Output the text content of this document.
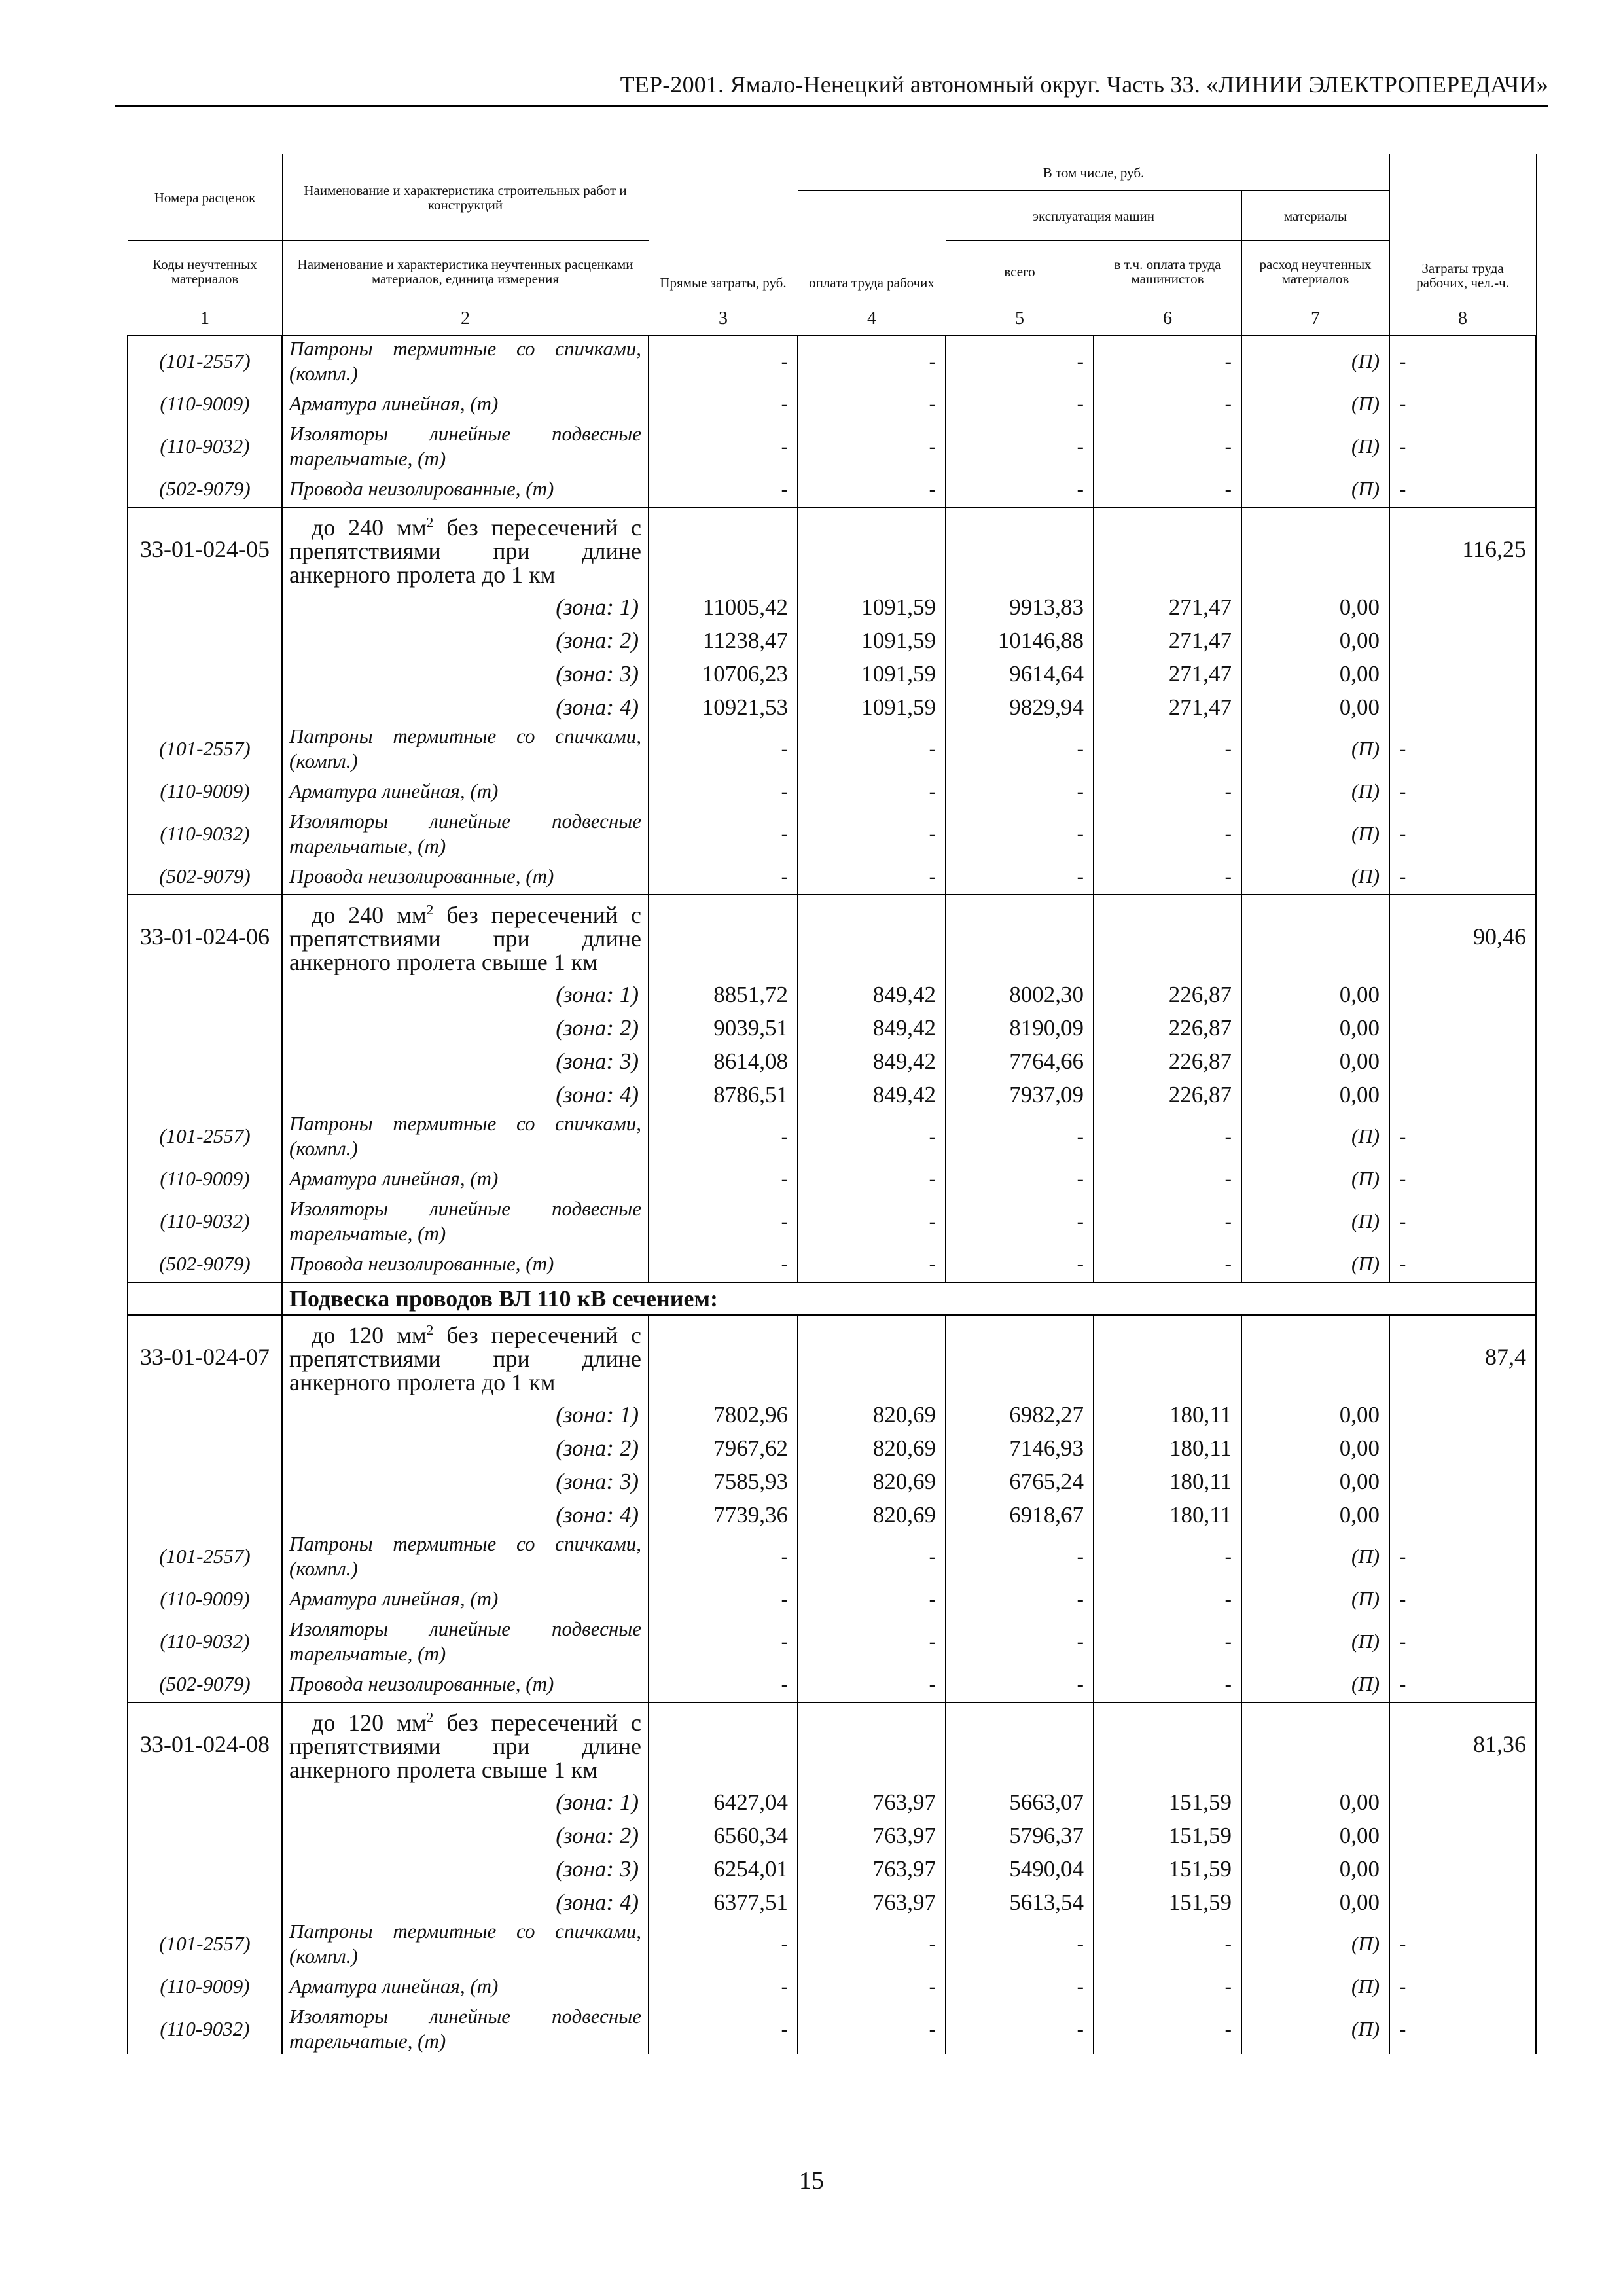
ТЕР-2001. Ямало-Ненецкий автономный округ. Часть 33. «ЛИНИИ ЭЛЕКТРОПЕРЕДАЧИ»
Номера расценок	Наименование и характеристика строительных работ и конструкций	Прямые затраты, руб.	В том числе, руб.				Затраты труда рабочих, чел.-ч.
			оплата труда рабочих	эксплуатация машин		материалы	
Коды неучтенных материалов	Наименование и характеристика неучтенных расценками материалов, единица измерения			всего	в т.ч. оплата труда машинистов	расход неучтенных материалов	
1	2	3	4	5	6	7	8
(101-2557)	Патроны термитные со спичками, (компл.)	-	-	-	-	(П)	-
(110-9009)	Арматура линейная, (т)	-	-	-	-	(П)	-
(110-9032)	Изоляторы линейные подвесные тарельчатые, (т)	-	-	-	-	(П)	-
(502-9079)	Провода неизолированные, (т)	-	-	-	-	(П)	-
33-01-024-05	до 240 $мм^2$ без пересечений с препятствиями при длине анкерного пролета до 1 км						116,25
	(зона: 1)	11005,42	1091,59	9913,83	271,47	0,00	
	(зона: 2)	11238,47	1091,59	10146,88	271,47	0,00	
	(зона: 3)	10706,23	1091,59	9614,64	271,47	0,00	
	(зона: 4)	10921,53	1091,59	9829,94	271,47	0,00	
(101-2557)	Патроны термитные со спичками, (компл.)	-	-	-	-	(П)	-
(110-9009)	Арматура линейная, (т)	-	-	-	-	(П)	-
(110-9032)	Изоляторы линейные подвесные тарельчатые, (т)	-	-	-	-	(П)	-
(502-9079)	Провода неизолированные, (т)	-	-	-	-	(П)	-
33-01-024-06	до 240 $мм^2$ без пересечений с препятствиями при длине анкерного пролета свыше 1 км						90,46
	(зона: 1)	8851,72	849,42	8002,30	226,87	0,00	
	(зона: 2)	9039,51	849,42	8190,09	226,87	0,00	
	(зона: 3)	8614,08	849,42	7764,66	226,87	0,00	
	(зона: 4)	8786,51	849,42	7937,09	226,87	0,00	
(101-2557)	Патроны термитные со спичками, (компл.)	-	-	-	-	(П)	-
(110-9009)	Арматура линейная, (т)	-	-	-	-	(П)	-
(110-9032)	Изоляторы линейные подвесные тарельчатые, (т)	-	-	-	-	(П)	-
(502-9079)	Провода неизолированные, (т)	-	-	-	-	(П)	-
	Подвеска проводов ВЛ 110 кВ сечением:						
33-01-024-07	до 120 $мм^2$ без пересечений с препятствиями при длине анкерного пролета до 1 км						87,4
	(зона: 1)	7802,96	820,69	6982,27	180,11	0,00	
	(зона: 2)	7967,62	820,69	7146,93	180,11	0,00	
	(зона: 3)	7585,93	820,69	6765,24	180,11	0,00	
	(зона: 4)	7739,36	820,69	6918,67	180,11	0,00	
(101-2557)	Патроны термитные со спичками, (компл.)	-	-	-	-	(П)	-
(110-9009)	Арматура линейная, (т)	-	-	-	-	(П)	-
(110-9032)	Изоляторы линейные подвесные тарельчатые, (т)	-	-	-	-	(П)	-
(502-9079)	Провода неизолированные, (т)	-	-	-	-	(П)	-
33-01-024-08	до 120 $мм^2$ без пересечений с препятствиями при длине анкерного пролета свыше 1 км						81,36
	(зона: 1)	6427,04	763,97	5663,07	151,59	0,00	
	(зона: 2)	6560,34	763,97	5796,37	151,59	0,00	
	(зона: 3)	6254,01	763,97	5490,04	151,59	0,00	
	(зона: 4)	6377,51	763,97	5613,54	151,59	0,00	
(101-2557)	Патроны термитные со спичками, (компл.)	-	-	-	-	(П)	-
(110-9009)	Арматура линейная, (т)	-	-	-	-	(П)	-
(110-9032)	Изоляторы линейные подвесные тарельчатые, (т)	-	-	-	-	(П)	-
15
